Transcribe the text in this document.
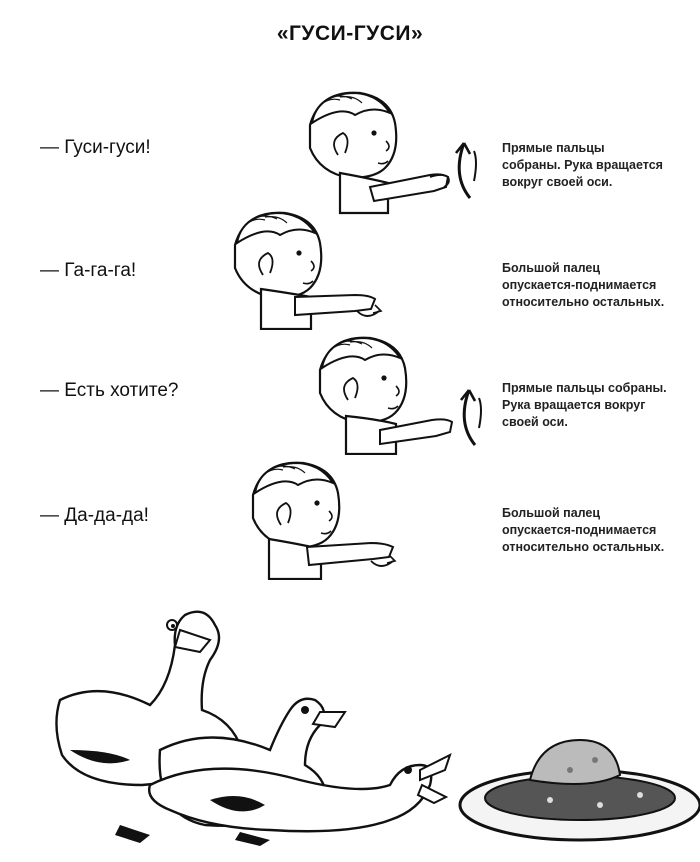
«ГУСИ-ГУСИ»
— Гуси-гуси!	Прямые пальцы
собраны. Рука вращается
вокруг своей оси.
— Га-га-га!	Большой палец
опускается-поднимается
относительно остальных.
— Есть хотите?	Прямые пальцы собраны.
Рука вращается вокруг
своей оси.
— Да-да-да!	Большой палец
опускается-поднимается
относительно остальных.
